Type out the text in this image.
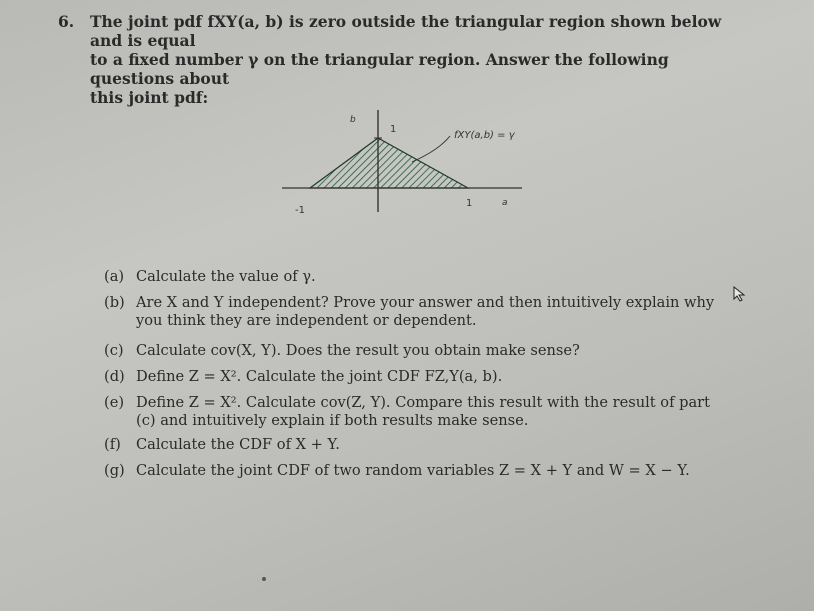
6. The joint pdf fXY(a, b) is zero outside the triangular region shown below and is equal
to a fixed number γ on the triangular region. Answer the following questions about
this joint pdf:
b
1
-1
1	a
fXY(a,b) = γ
(a) Calculate the value of γ.
(b) Are X and Y independent? Prove your answer and then intuitively explain why
you think they are independent or dependent.
(c) Calculate cov(X, Y). Does the result you obtain make sense?
(d) Define Z = X². Calculate the joint CDF FZ,Y(a, b).
(e) Define Z = X². Calculate cov(Z, Y). Compare this result with the result of part
(c) and intuitively explain if both results make sense.
(f) Calculate the CDF of X + Y.
(g) Calculate the joint CDF of two random variables Z = X + Y and W = X − Y.
